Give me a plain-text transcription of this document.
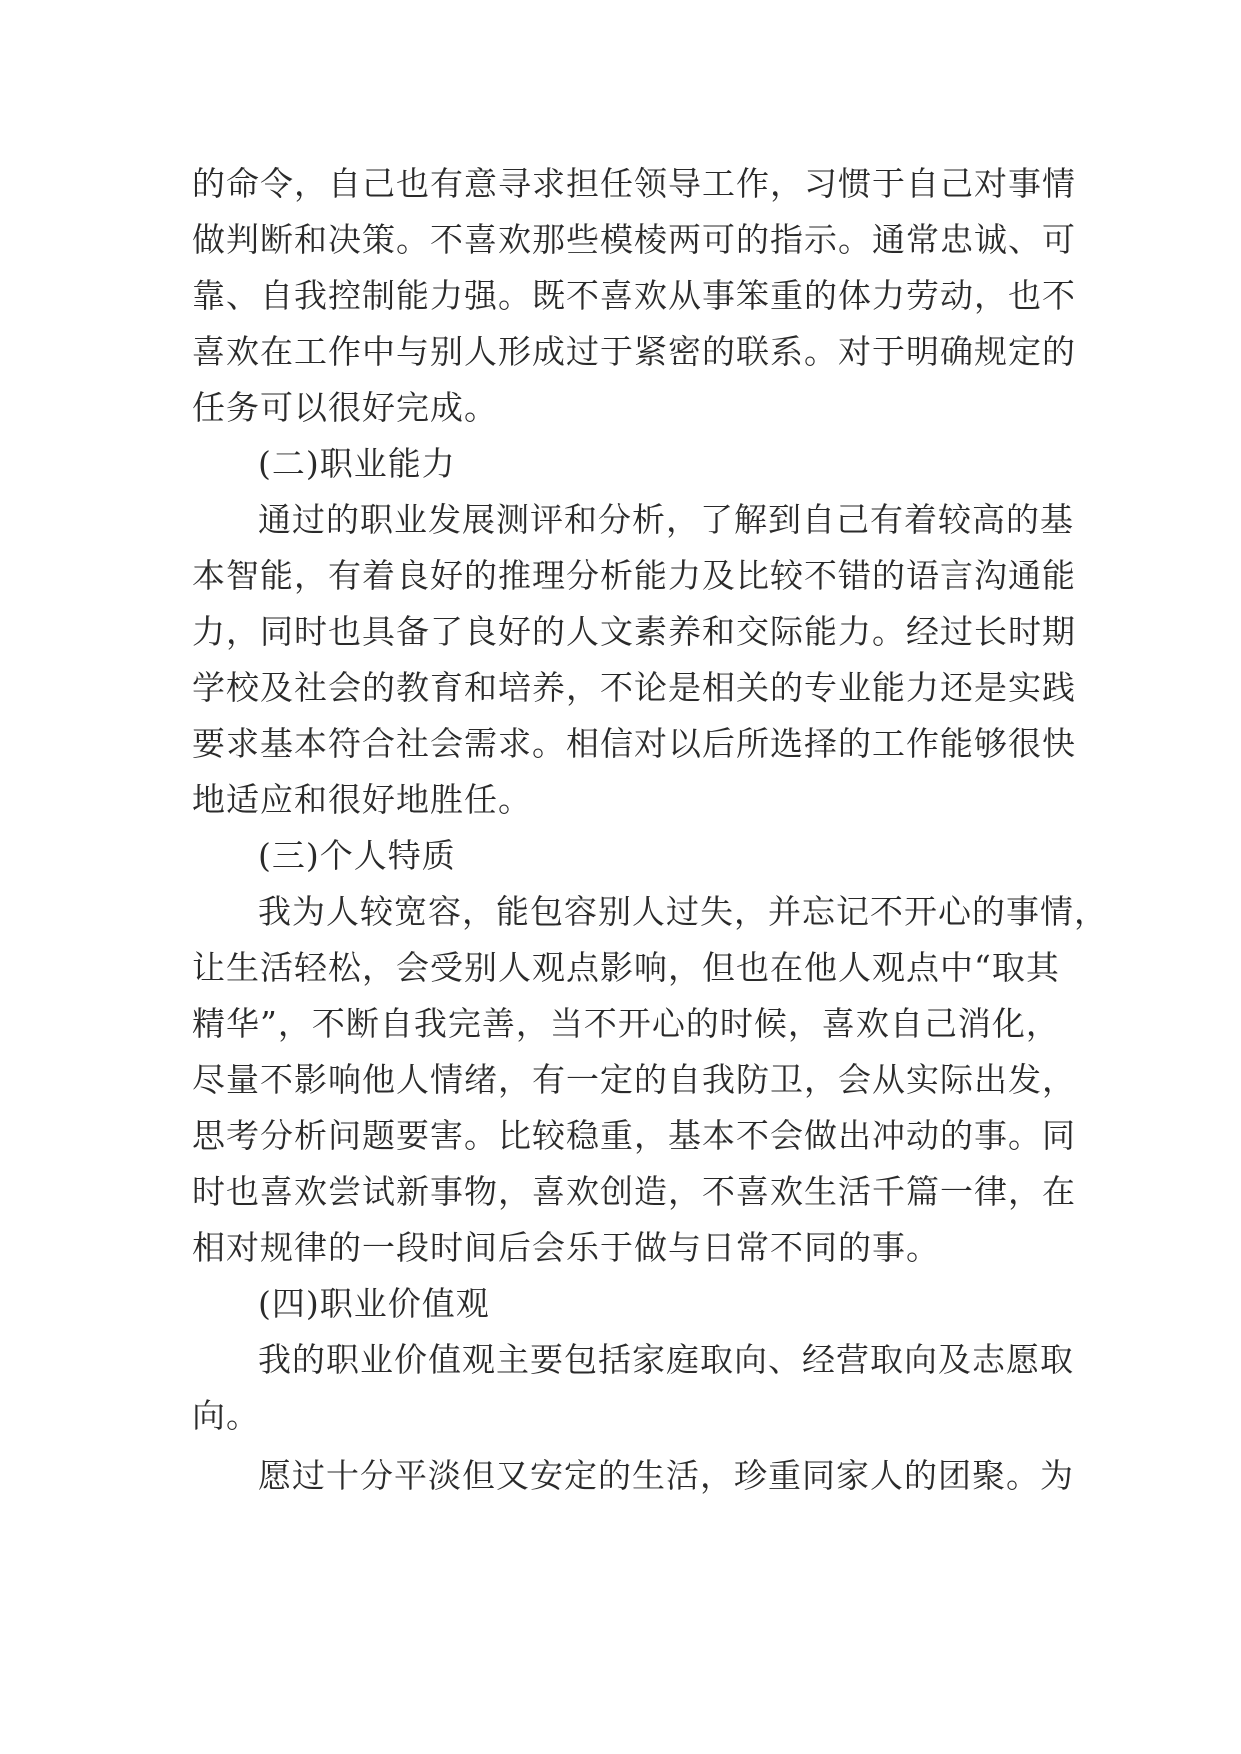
的命令，自己也有意寻求担任领导工作，习惯于自己对事情
做判断和决策。不喜欢那些模棱两可的指示。通常忠诚、可
靠、自我控制能力强。既不喜欢从事笨重的体力劳动，也不
喜欢在工作中与别人形成过于紧密的联系。对于明确规定的
任务可以很好完成。
(二)职业能力
通过的职业发展测评和分析，了解到自己有着较高的基
本智能，有着良好的推理分析能力及比较不错的语言沟通能
力，同时也具备了良好的人文素养和交际能力。经过长时期
学校及社会的教育和培养，不论是相关的专业能力还是实践
要求基本符合社会需求。相信对以后所选择的工作能够很快
地适应和很好地胜任。
(三)个人特质
我为人较宽容，能包容别人过失，并忘记不开心的事情，
让生活轻松，会受别人观点影响，但也在他人观点中“取其
精华”，不断自我完善，当不开心的时候，喜欢自己消化，
尽量不影响他人情绪，有一定的自我防卫，会从实际出发，
思考分析问题要害。比较稳重，基本不会做出冲动的事。同
时也喜欢尝试新事物，喜欢创造，不喜欢生活千篇一律，在
相对规律的一段时间后会乐于做与日常不同的事。
(四)职业价值观
我的职业价值观主要包括家庭取向、经营取向及志愿取
向。
愿过十分平淡但又安定的生活，珍重同家人的团聚。为
